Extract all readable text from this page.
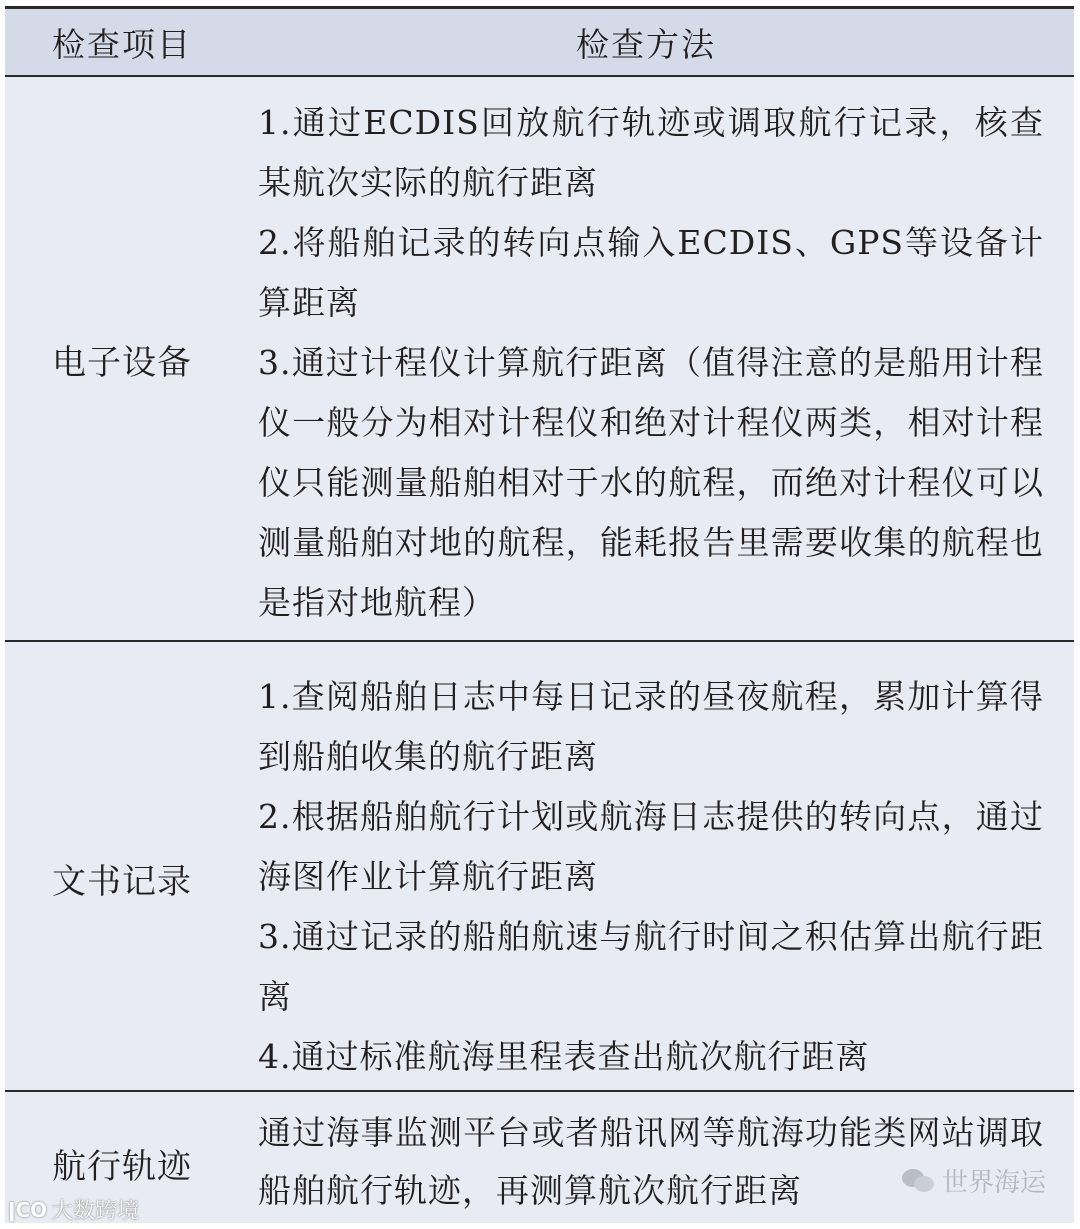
检查项目	检查方法
电子设备
1.通过ECDIS回放航行轨迹或调取航行记录，核查某航次实际的航行距离
2.将船舶记录的转向点输入ECDIS、GPS等设备计算距离
3.通过计程仪计算航行距离（值得注意的是船用计程仪一般分为相对计程仪和绝对计程仪两类，相对计程仪只能测量船舶相对于水的航程，而绝对计程仪可以测量船舶对地的航程，能耗报告里需要收集的航程也是指对地航程）
文书记录
1.查阅船舶日志中每日记录的昼夜航程，累加计算得到船舶收集的航行距离
2.根据船舶航行计划或航海日志提供的转向点，通过海图作业计算航行距离
3.通过记录的船舶航速与航行时间之积估算出航行距离
4.通过标准航海里程表查出航次航行距离
航行轨迹
通过海事监测平台或者船讯网等航海功能类网站调取船舶航行轨迹，再测算航次航行距离	世界海运
ǀCO 大数跨境
